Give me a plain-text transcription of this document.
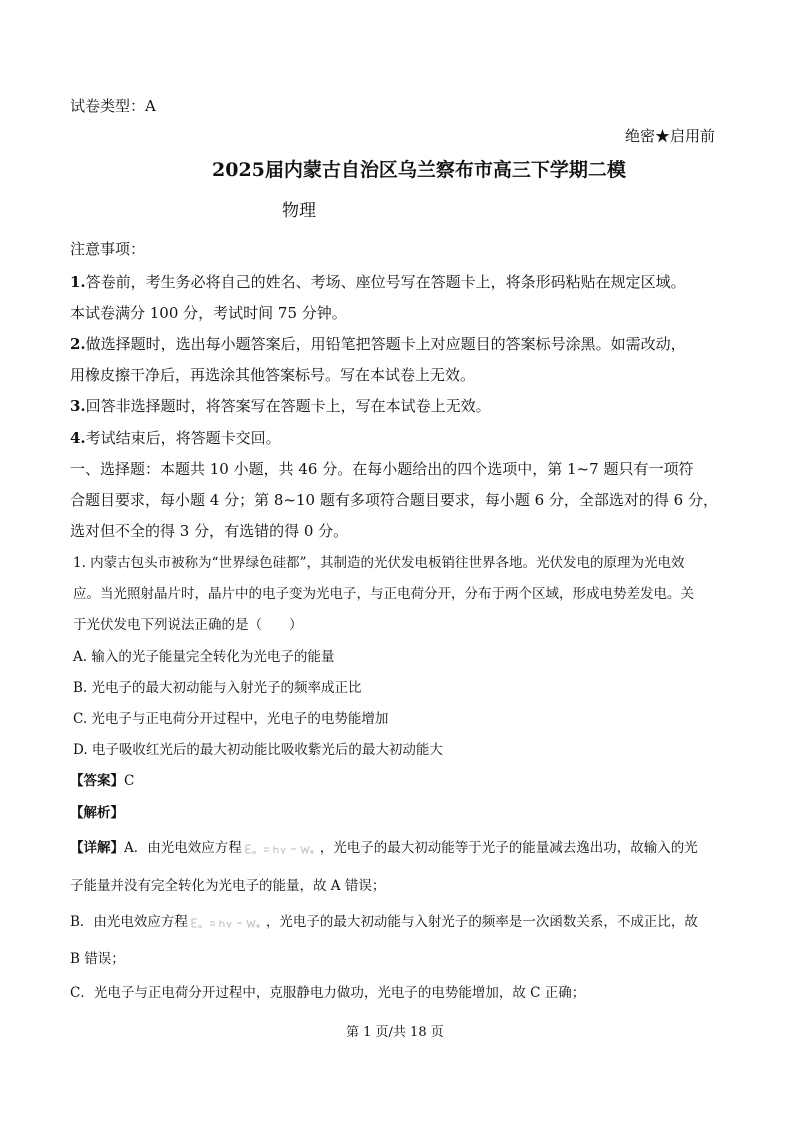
试卷类型：A
绝密★启用前
2025届内蒙古自治区乌兰察布市高三下学期二模
物理
注意事项：
1.答卷前，考生务必将自己的姓名、考场、座位号写在答题卡上，将条形码粘贴在规定区域。
本试卷满分 100 分，考试时间 75 分钟。
2.做选择题时，选出每小题答案后，用铅笔把答题卡上对应题目的答案标号涂黑。如需改动，
用橡皮擦干净后，再选涂其他答案标号。写在本试卷上无效。
3.回答非选择题时，将答案写在答题卡上，写在本试卷上无效。
4.考试结束后，将答题卡交回。
一、选择题：本题共 10 小题，共 46 分。在每小题给出的四个选项中，第 1~7 题只有一项符
合题目要求，每小题 4 分；第 8~10 题有多项符合题目要求，每小题 6 分，全部选对的得 6 分，
选对但不全的得 3 分，有选错的得 0 分。
1. 内蒙古包头市被称为“世界绿色硅都”，其制造的光伏发电板销往世界各地。光伏发电的原理为光电效
应。当光照射晶片时，晶片中的电子变为光电子，与正电荷分开，分布于两个区域，形成电势差发电。关
于光伏发电下列说法正确的是（　　）
A. 输入的光子能量完全转化为光电子的能量
B. 光电子的最大初动能与入射光子的频率成正比
C. 光电子与正电荷分开过程中，光电子的电势能增加
D. 电子吸收红光后的最大初动能比吸收紫光后的最大初动能大
【答案】C
【解析】
【详解】A．由光电效应方程	，光电子的最大初动能等于光子的能量减去逸出功，故输入的光
子能量并没有完全转化为光电子的能量，故 A 错误；
B．由光电效应方程	，光电子的最大初动能与入射光子的频率是一次函数关系，不成正比，故
B 错误；
C．光电子与正电荷分开过程中，克服静电力做功，光电子的电势能增加，故 C 正确；
第 1 页/共 18 页
